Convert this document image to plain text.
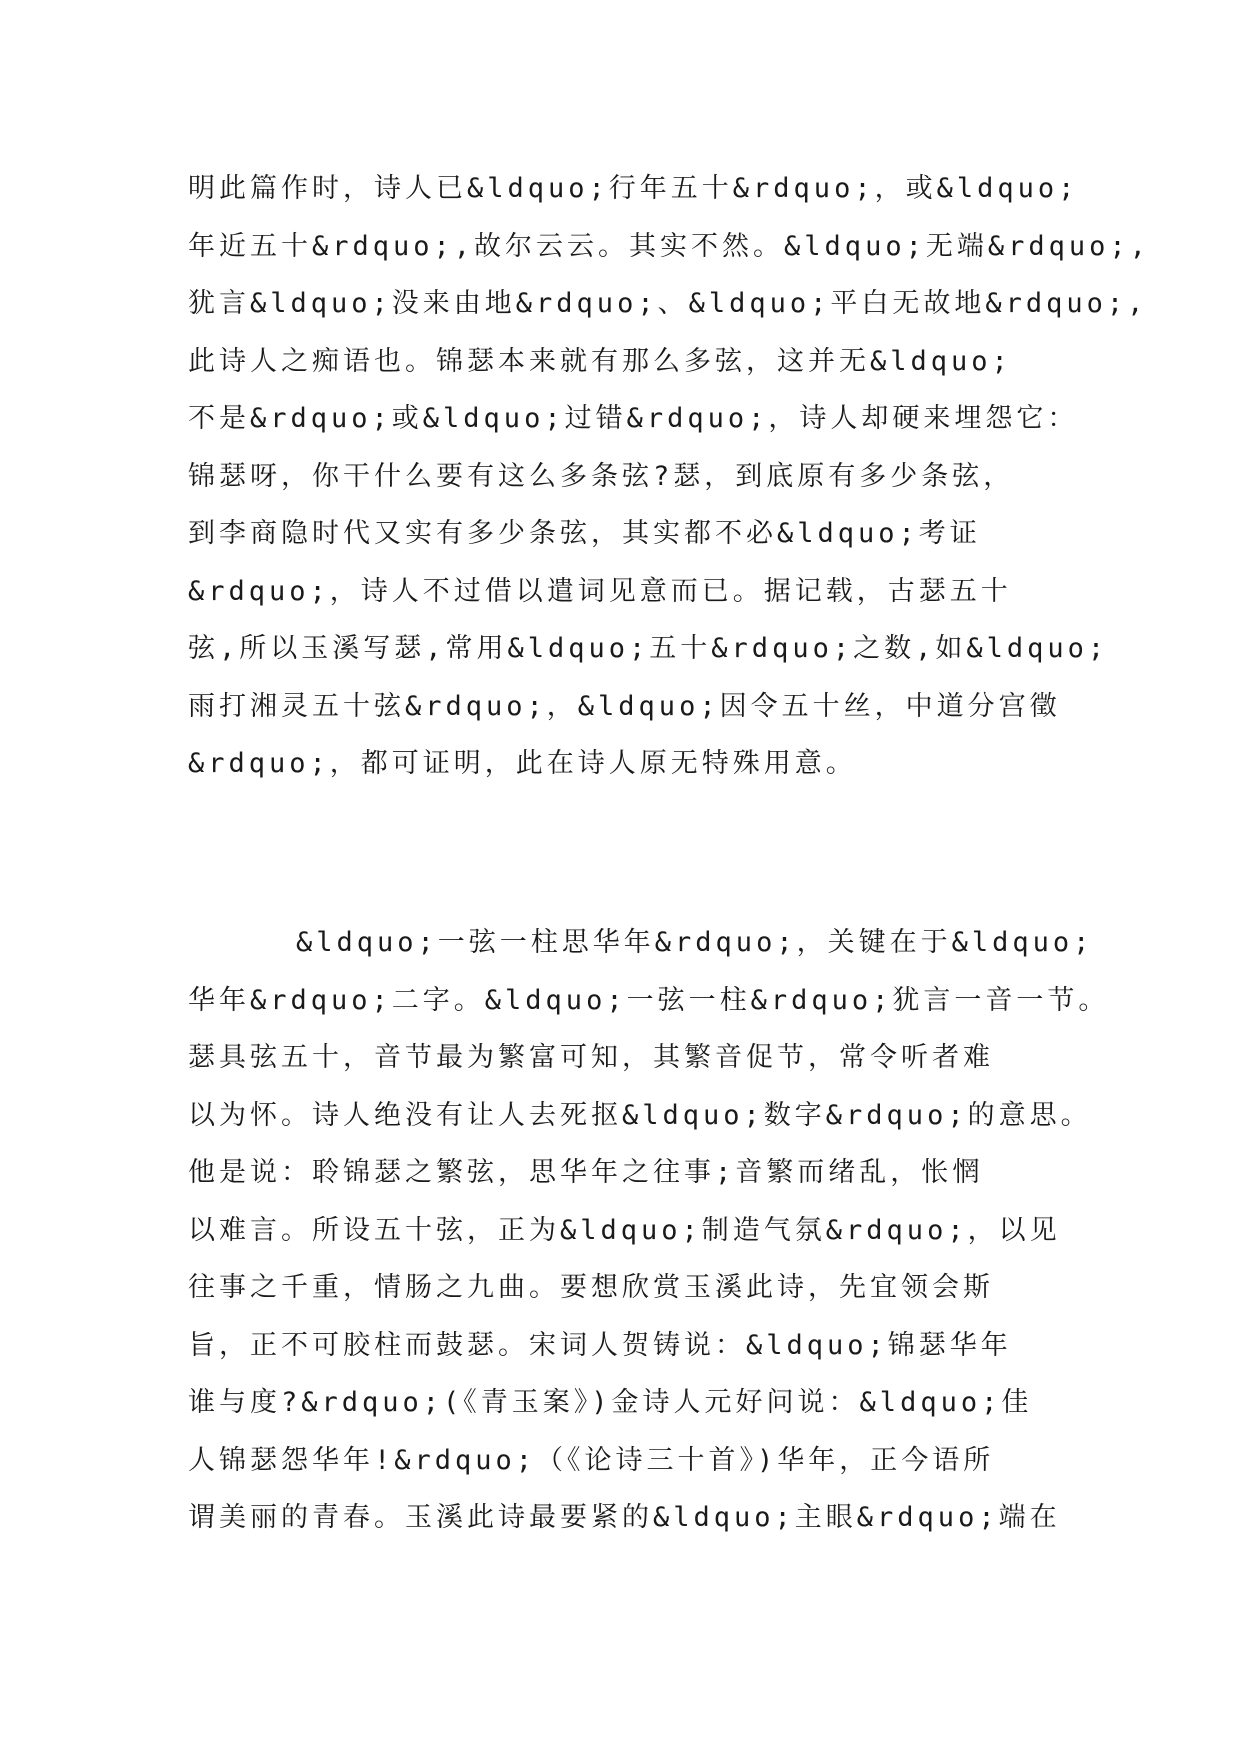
明此篇作时，诗人已&ldquo;行年五十&rdquo;，或&ldquo;
年近五十&rdquo;,故尔云云。其实不然。&ldquo;无端&rdquo;,
犹言&ldquo;没来由地&rdquo;、&ldquo;平白无故地&rdquo;,
此诗人之痴语也。锦瑟本来就有那么多弦，这并无&ldquo;
不是&rdquo;或&ldquo;过错&rdquo;，诗人却硬来埋怨它：
锦瑟呀，你干什么要有这么多条弦?瑟，到底原有多少条弦，
到李商隐时代又实有多少条弦，其实都不必&ldquo;考证
&rdquo;，诗人不过借以遣词见意而已。据记载，古瑟五十
弦,所以玉溪写瑟,常用&ldquo;五十&rdquo;之数,如&ldquo;
雨打湘灵五十弦&rdquo;，&ldquo;因令五十丝，中道分宫徵
&rdquo;，都可证明，此在诗人原无特殊用意。
&ldquo;一弦一柱思华年&rdquo;，关键在于&ldquo;
华年&rdquo;二字。&ldquo;一弦一柱&rdquo;犹言一音一节。
瑟具弦五十，音节最为繁富可知，其繁音促节，常令听者难
以为怀。诗人绝没有让人去死抠&ldquo;数字&rdquo;的意思。
他是说：聆锦瑟之繁弦，思华年之往事;音繁而绪乱，怅惘
以难言。所设五十弦，正为&ldquo;制造气氛&rdquo;，以见
往事之千重，情肠之九曲。要想欣赏玉溪此诗，先宜领会斯
旨，正不可胶柱而鼓瑟。宋词人贺铸说：&ldquo;锦瑟华年
谁与度?&rdquo;(《青玉案》)金诗人元好问说：&ldquo;佳
人锦瑟怨华年!&rdquo;（《论诗三十首》)华年，正今语所
谓美丽的青春。玉溪此诗最要紧的&ldquo;主眼&rdquo;端在
